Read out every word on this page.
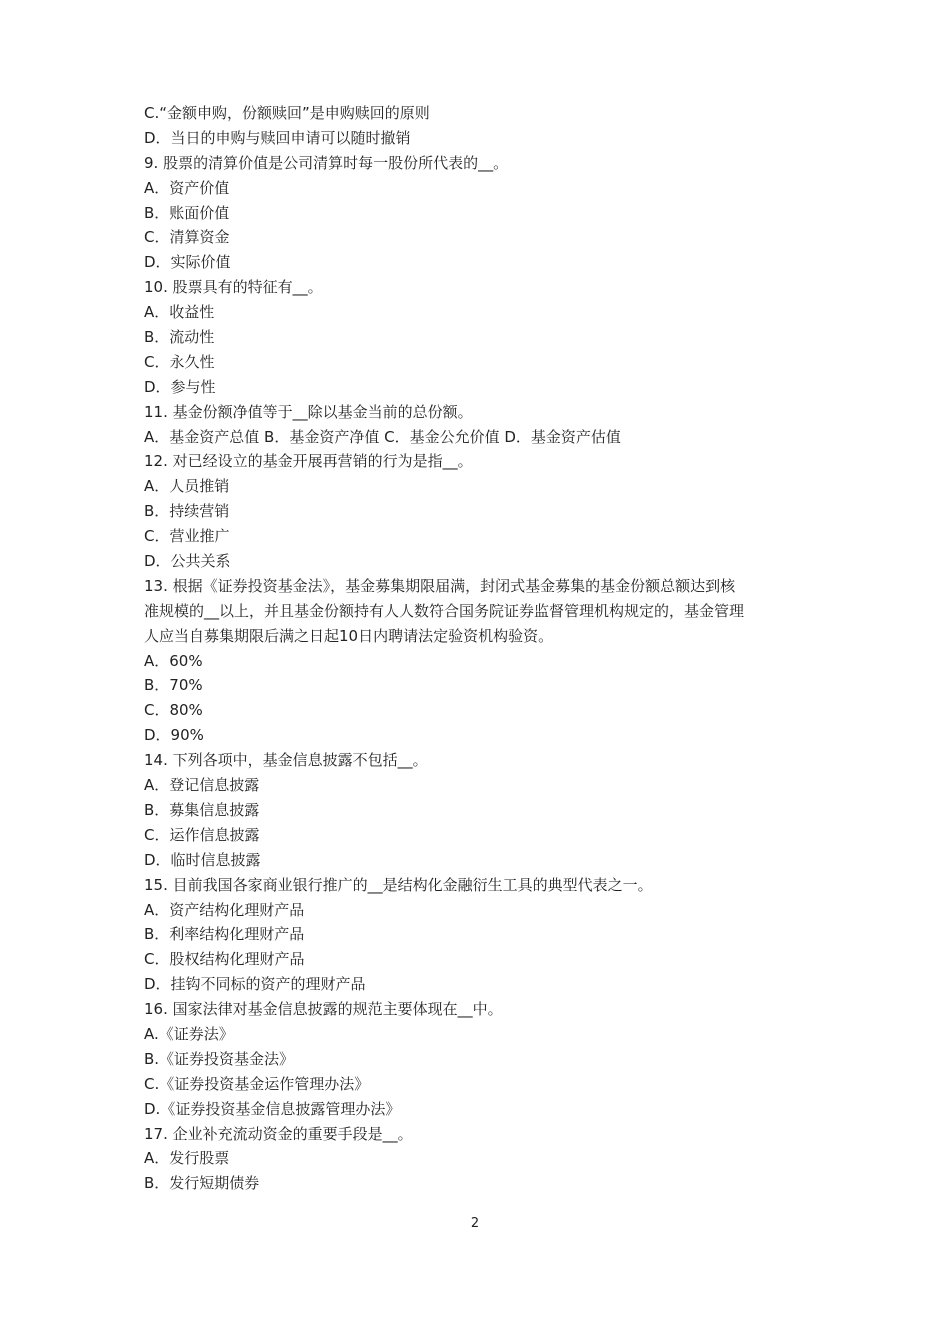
C.“金额申购，份额赎回”是申购赎回的原则
D．当日的申购与赎回申请可以随时撤销
9. 股票的清算价值是公司清算时每一股份所代表的__。
A．资产价值
B．账面价值
C．清算资金
D．实际价值
10. 股票具有的特征有__。
A．收益性
B．流动性
C．永久性
D．参与性
11. 基金份额净值等于__除以基金当前的总份额。
A．基金资产总值 B．基金资产净值 C．基金公允价值 D．基金资产估值
12. 对已经设立的基金开展再营销的行为是指__。
A．人员推销
B．持续营销
C．营业推广
D．公共关系
13. 根据《证券投资基金法》，基金募集期限届满，封闭式基金募集的基金份额总额达到核
准规模的__以上，并且基金份额持有人人数符合国务院证券监督管理机构规定的，基金管理
人应当自募集期限后满之日起10日内聘请法定验资机构验资。
A．60%
B．70%
C．80%
D．90%
14. 下列各项中，基金信息披露不包括__。
A．登记信息披露
B．募集信息披露
C．运作信息披露
D．临时信息披露
15. 目前我国各家商业银行推广的__是结构化金融衍生工具的典型代表之一。
A．资产结构化理财产品
B．利率结构化理财产品
C．股权结构化理财产品
D．挂钩不同标的资产的理财产品
16. 国家法律对基金信息披露的规范主要体现在__中。
A.《证券法》
B.《证券投资基金法》
C.《证券投资基金运作管理办法》
D.《证券投资基金信息披露管理办法》
17. 企业补充流动资金的重要手段是__。
A．发行股票
B．发行短期债券
2
